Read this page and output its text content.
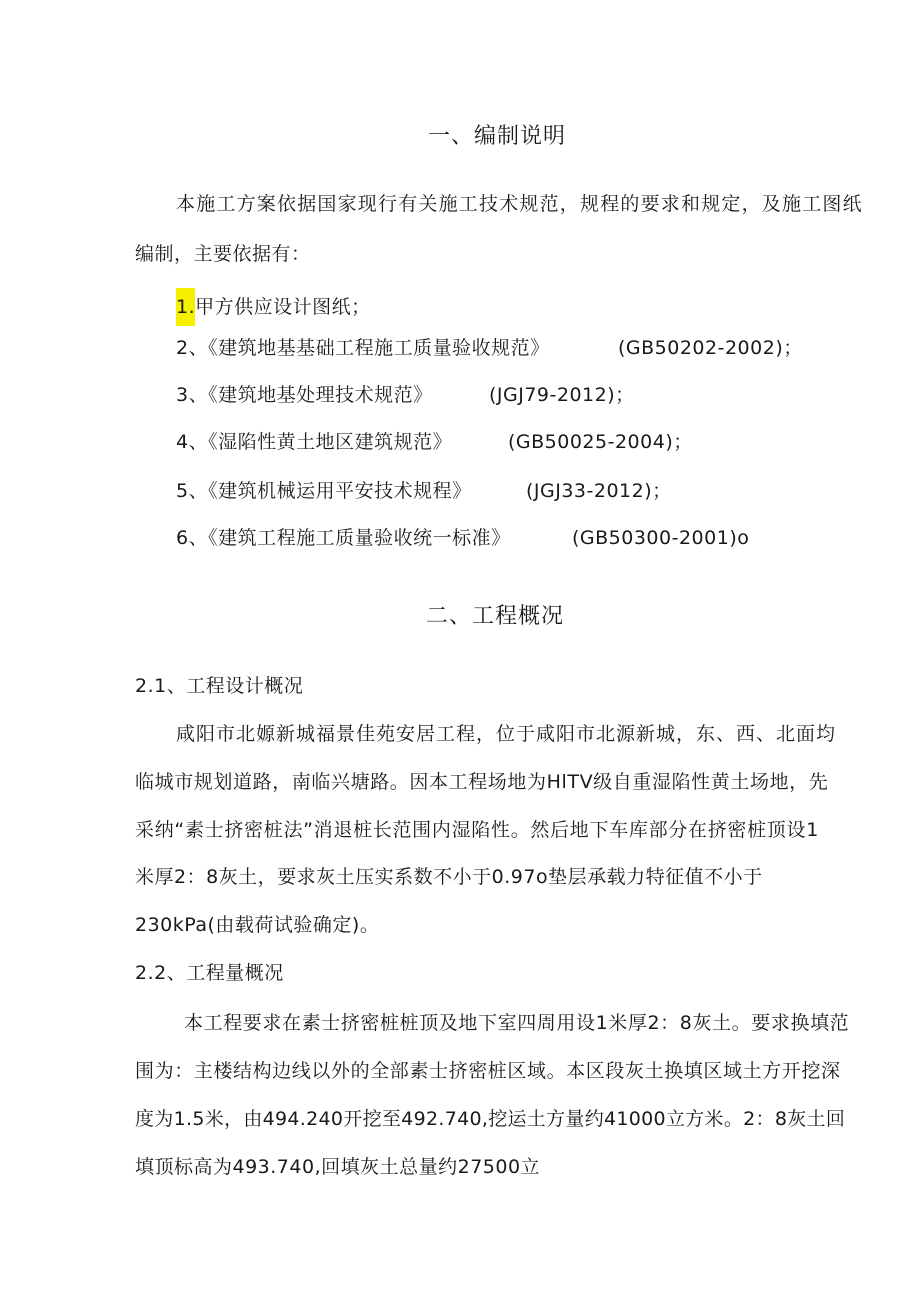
一、编制说明
本施工方案依据国家现行有关施工技术规范，规程的要求和规定，及施工图纸
编制，主要依据有：
1.甲方供应设计图纸；
2、《建筑地基基础工程施工质量验收规范》	(GB50202-2002)；
3、《建筑地基处理技术规范》	(JGJ79-2012)；
4、《湿陷性黄土地区建筑规范》	(GB50025-2004)；
5、《建筑机械运用平安技术规程》	(JGJ33-2012)；
6、《建筑工程施工质量验收统一标准》	(GB50300-2001)o
二、工程概况
2.1、工程设计概况
咸阳市北嫄新城福景佳苑安居工程，位于咸阳市北源新城，东、西、北面均
临城市规划道路，南临兴塘路。因本工程场地为HlTV级自重湿陷性黄土场地，先
采纳“素士挤密桩法”消退桩长范围内湿陷性。然后地下车库部分在挤密桩顶设1
米厚2：8灰土，要求灰土压实系数不小于0.97o垫层承载力特征值不小于
230kPa(由载荷试验确定)。
2.2、工程量概况
本工程要求在素士挤密桩桩顶及地下室四周用设1米厚2：8灰土。要求换填范
围为：主楼结构边线以外的全部素士挤密桩区域。本区段灰土换填区域土方开挖深
度为1.5米，由494.240开挖至492.740,挖运土方量约41000立方米。2：8灰土回
填顶标高为493.740,回填灰土总量约27500立
